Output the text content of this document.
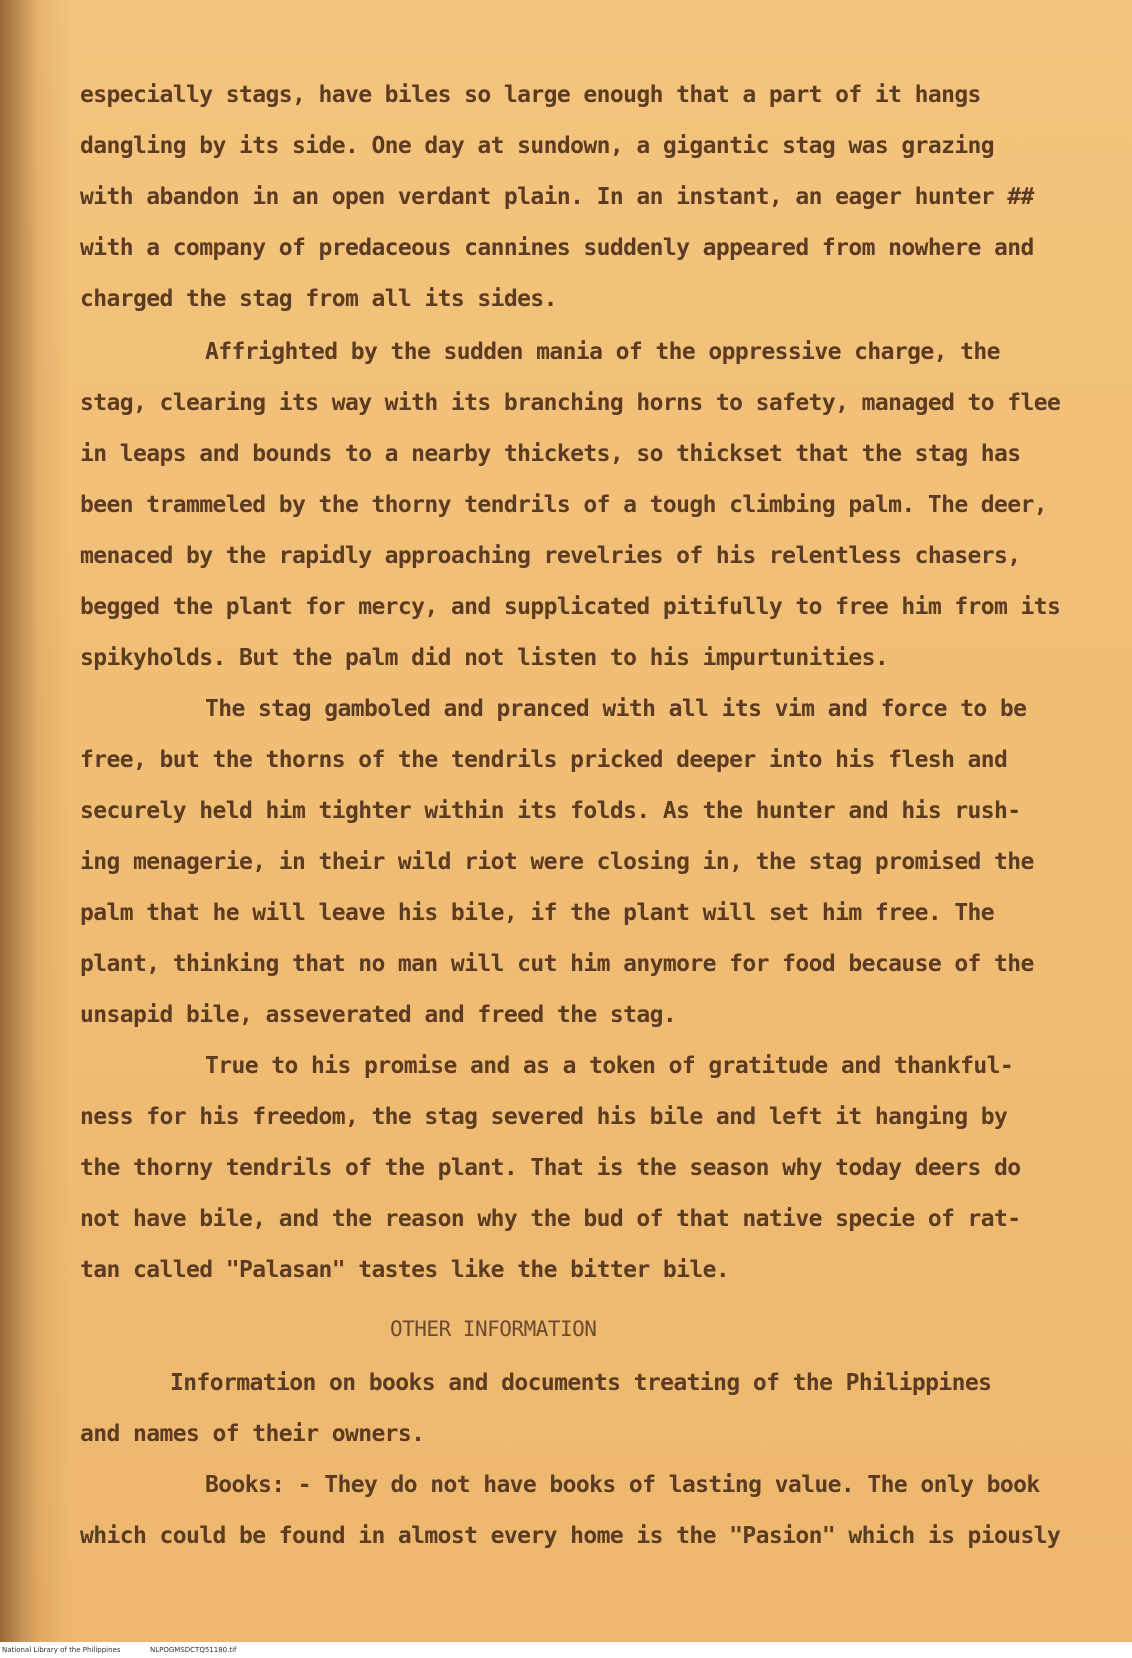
especially stags, have biles so large enough that a part of it hangs
dangling by its side. One day at sundown, a gigantic stag was grazing
with abandon in an open verdant plain. In an instant, an eager hunter ##
with a company of predaceous cannines suddenly appeared from nowhere and
charged the stag from all its sides.
Affrighted by the sudden mania of the oppressive charge, the
stag, clearing its way with its branching horns to safety, managed to flee
in leaps and bounds to a nearby thickets, so thickset that the stag has
been trammeled by the thorny tendrils of a tough climbing palm. The deer,
menaced by the rapidly approaching revelries of his relentless chasers,
begged the plant for mercy, and supplicated pitifully to free him from its
spikyholds. But the palm did not listen to his impurtunities.
The stag gamboled and pranced with all its vim and force to be
free, but the thorns of the tendrils pricked deeper into his flesh and
securely held him tighter within its folds. As the hunter and his rush-
ing menagerie, in their wild riot were closing in, the stag promised the
palm that he will leave his bile, if the plant will set him free. The
plant, thinking that no man will cut him anymore for food because of the
unsapid bile, asseverated and freed the stag.
True to his promise and as a token of gratitude and thankful-
ness for his freedom, the stag severed his bile and left it hanging by
the thorny tendrils of the plant. That is the season why today deers do
not have bile, and the reason why the bud of that native specie of rat-
tan called "Palasan" tastes like the bitter bile.
OTHER INFORMATION
Information on books and documents treating of the Philippines
and names of their owners.
Books: - They do not have books of lasting value. The only book
which could be found in almost every home is the "Pasion" which is piously
National Library of the Philippines	NLPOGMSDCTQ51180.tif
